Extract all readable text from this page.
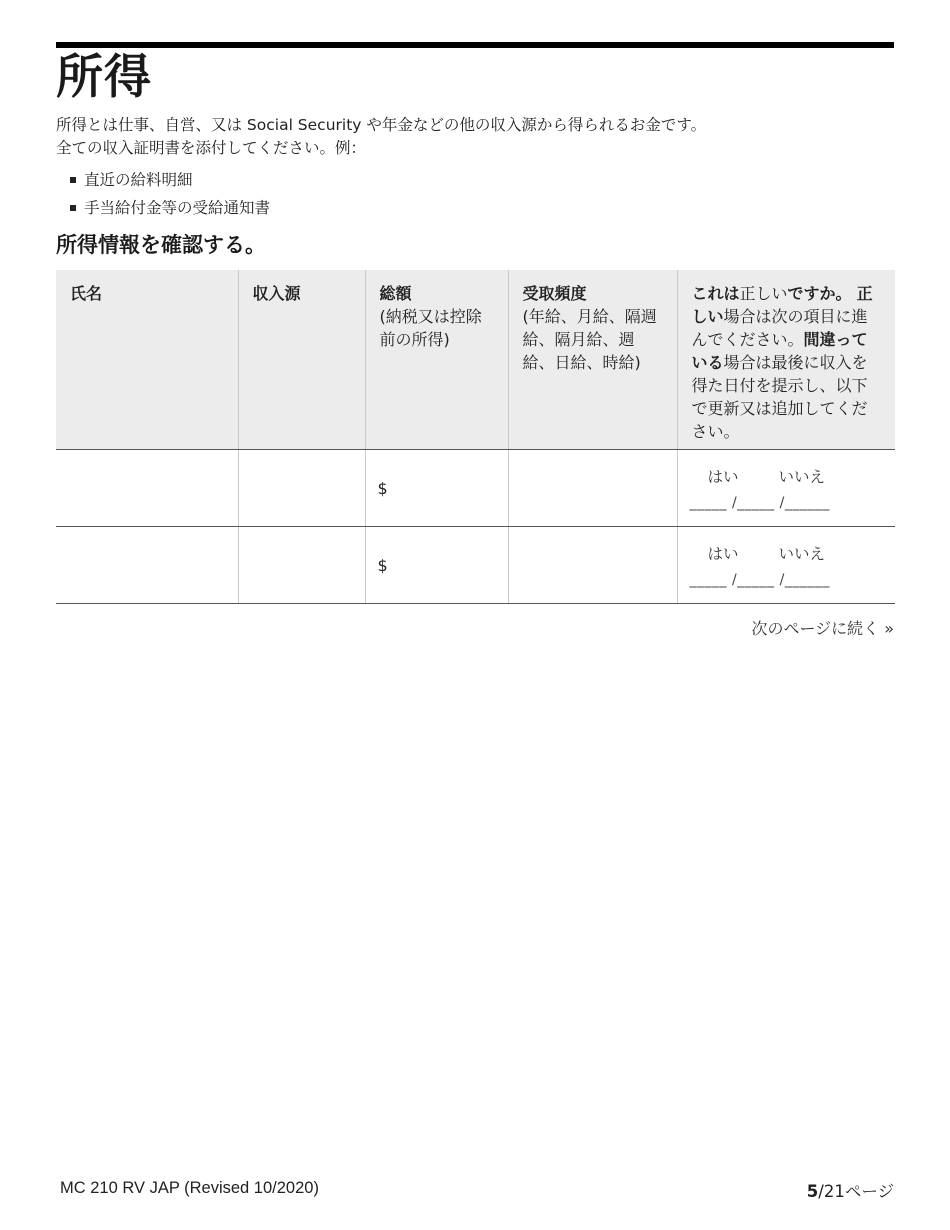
所得

所得とは仕事、自営、又は Social Security や年金などの他の収入源から得られるお金です。

全ての収入証明書を添付してください。例：

直近の給料明細
手当給付金等の受給通知書
所得情報を確認する。
氏名	収入源	総額
(納税又は控除前の所得)	受取頻度
(年給、月給、隔週給、隔月給、週給、日給、時給)	これは正しいですか。 正しい場合は次の項目に進んでください。間違っている場合は最後に収入を得た日付を提示し、以下で更新又は追加してください。
		$		はい いいえ
_____ /_____ /______

		$		はい いいえ
_____ /_____ /______
次のページに続く »
MC 210 RV JAP (Revised 10/2020)	5/21ページ
